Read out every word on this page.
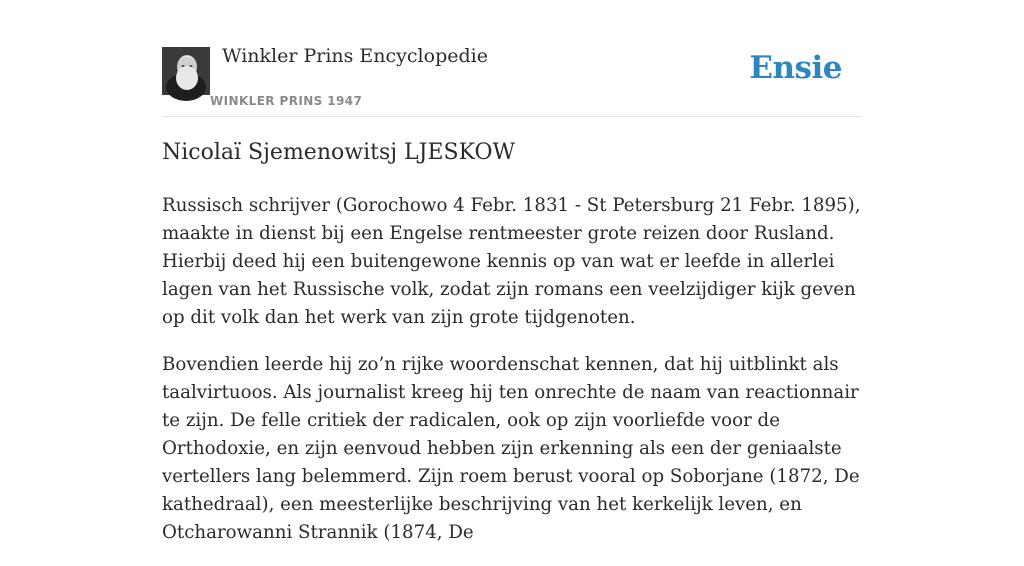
Winkler Prins Encyclopedie
WINKLER PRINS 1947
Ensie
Nicolaï Sjemenowitsj LJESKOW

Russisch schrijver (Gorochowo 4 Febr. 1831 - St Petersburg 21 Febr. 1895), maakte in dienst bij een Engelse rentmeester grote reizen door Rusland. Hierbij deed hij een buitengewone kennis op van wat er leefde in allerlei lagen van het Russische volk, zodat zijn romans een veelzijdiger kijk geven op dit volk dan het werk van zijn grote tijdgenoten.

Bovendien leerde hij zo’n rijke woordenschat kennen, dat hij uitblinkt als taalvirtuoos. Als journalist kreeg hij ten onrechte de naam van reactionnair te zijn. De felle critiek der radicalen, ook op zijn voorliefde voor de Orthodoxie, en zijn eenvoud hebben zijn erkenning als een der geniaalste vertellers lang belemmerd. Zijn roem berust vooral op Soborjane (1872, De kathedraal), een meesterlijke beschrijving van het kerkelijk leven, en Otcharowanni Strannik (1874, De
